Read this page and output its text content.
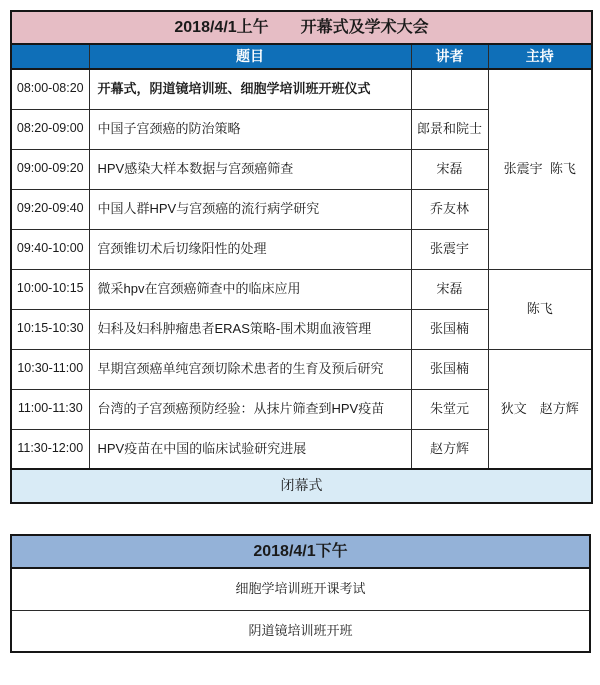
2018/4/1上午　　开幕式及学术大会			
	题目	讲者	主持
08:00-08:20	开幕式，阴道镜培训班、细胞学培训班开班仪式		张震宇  陈飞
08:20-09:00	中国子宫颈癌的防治策略	郎景和院士	
09:00-09:20	HPV感染大样本数据与宫颈癌筛查	宋磊	
09:20-09:40	中国人群HPV与宫颈癌的流行病学研究	乔友林	
09:40-10:00	宫颈锥切术后切缘阳性的处理	张震宇	
10:00-10:15	微采hpv在宫颈癌筛查中的临床应用	宋磊	陈飞
10:15-10:30	妇科及妇科肿瘤患者ERAS策略-围术期血液管理	张国楠	
10:30-11:00	早期宫颈癌单纯宫颈切除术患者的生育及预后研究	张国楠	狄文　赵方辉
11:00-11:30	台湾的子宫颈癌预防经验：从抹片筛查到HPV疫苗	朱堂元	
11:30-12:00	HPV疫苗在中国的临床试验研究进展	赵方辉	
闭幕式			
2018/4/1下午
细胞学培训班开课考试
阴道镜培训班开班
